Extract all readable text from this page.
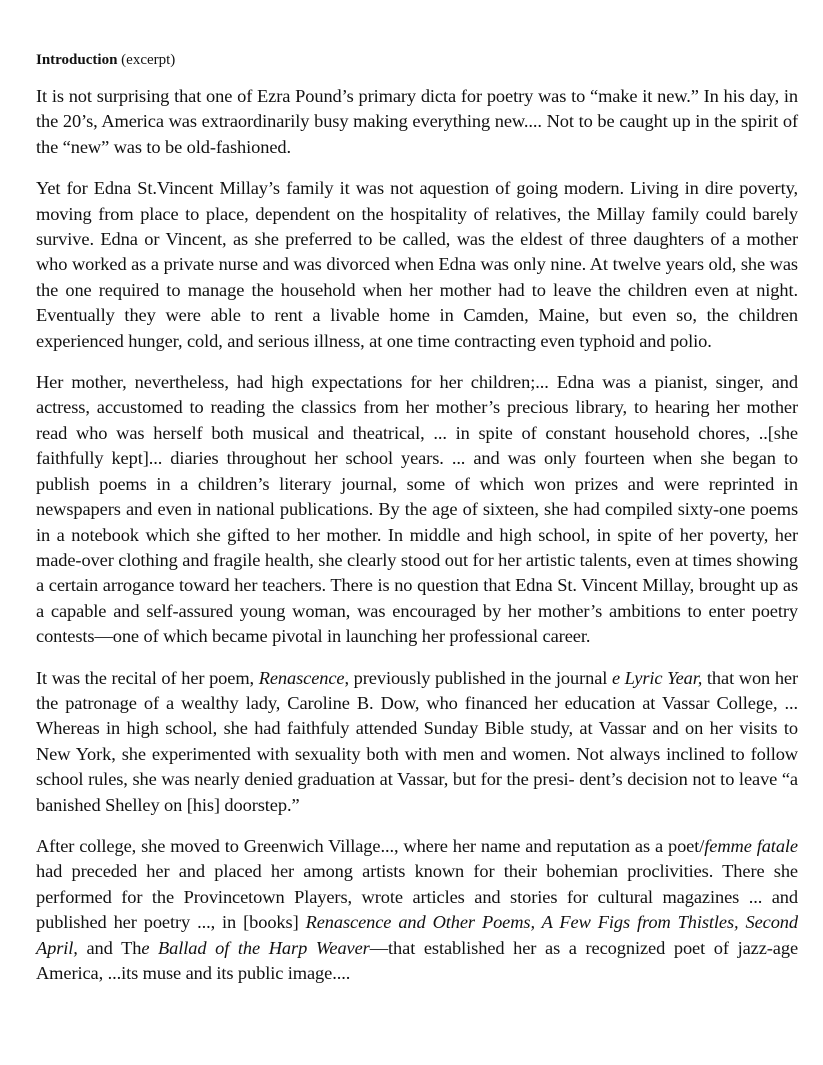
Introduction (excerpt)

It is not surprising that one of Ezra Pound’s primary dicta for poetry was to “make it new.” In his day, in the 20’s, America was extraordinarily busy making everything new.... Not to be caught up in the spirit of the “new” was to be old-fashioned.

Yet for Edna St.Vincent Millay’s family it was not aquestion of going modern. Living in dire poverty, moving from place to place, dependent on the hospitality of relatives, the Millay family could barely survive. Edna or Vincent, as she preferred to be called, was the eldest of three daughters of a mother who worked as a private nurse and was divorced when Edna was only nine. At twelve years old, she was the one required to manage the household when her mother had to leave the children even at night. Eventually they were able to rent a livable home in Camden, Maine, but even so, the children experienced hunger, cold, and serious illness, at one time contracting even typhoid and polio.

Her mother, nevertheless, had high expectations for her children;... Edna was a pianist, singer, and actress, accustomed to reading the classics from her mother’s precious library, to hearing her mother read who was herself both musical and theatrical, ... in spite of constant household chores, ..[she faithfully kept]... diaries throughout her school years. ... and was only fourteen when she began to publish poems in a children’s literary journal, some of which won prizes and were reprinted in newspapers and even in national publications. By the age of sixteen, she had compiled sixty-one poems in a notebook which she gifted to her mother. In middle and high school, in spite of her poverty, her made-over clothing and fragile health, she clearly stood out for her artistic talents, even at times showing a certain arrogance toward her teachers. There is no question that Edna St. Vincent Millay, brought up as a capable and self-assured young woman, was encouraged by her mother’s ambitions to enter poetry contests—one of which became pivotal in launching her professional career.

It was the recital of her poem, Renascence, previously published in the journal e Lyric Year, that won her the patronage of a wealthy lady, Caroline B. Dow, who financed her education at Vassar College, ... Whereas in high school, she had faithfuly attended Sunday Bible study, at Vassar and on her visits to New York, she experimented with sexuality both with men and women. Not always inclined to follow school rules, she was nearly denied graduation at Vassar, but for the presi- dent’s decision not to leave “a banished Shelley on [his] doorstep.”

After college, she moved to Greenwich Village..., where her name and reputation as a poet/femme fatale had preceded her and placed her among artists known for their bohemian proclivities. There she performed for the Provincetown Players, wrote articles and stories for cultural magazines ... and published her poetry ..., in [books] Renascence and Other Poems, A Few Figs from Thistles, Second April, and The Ballad of the Harp Weaver—that established her as a recognized poet of jazz-age America, ...its muse and its public image....
